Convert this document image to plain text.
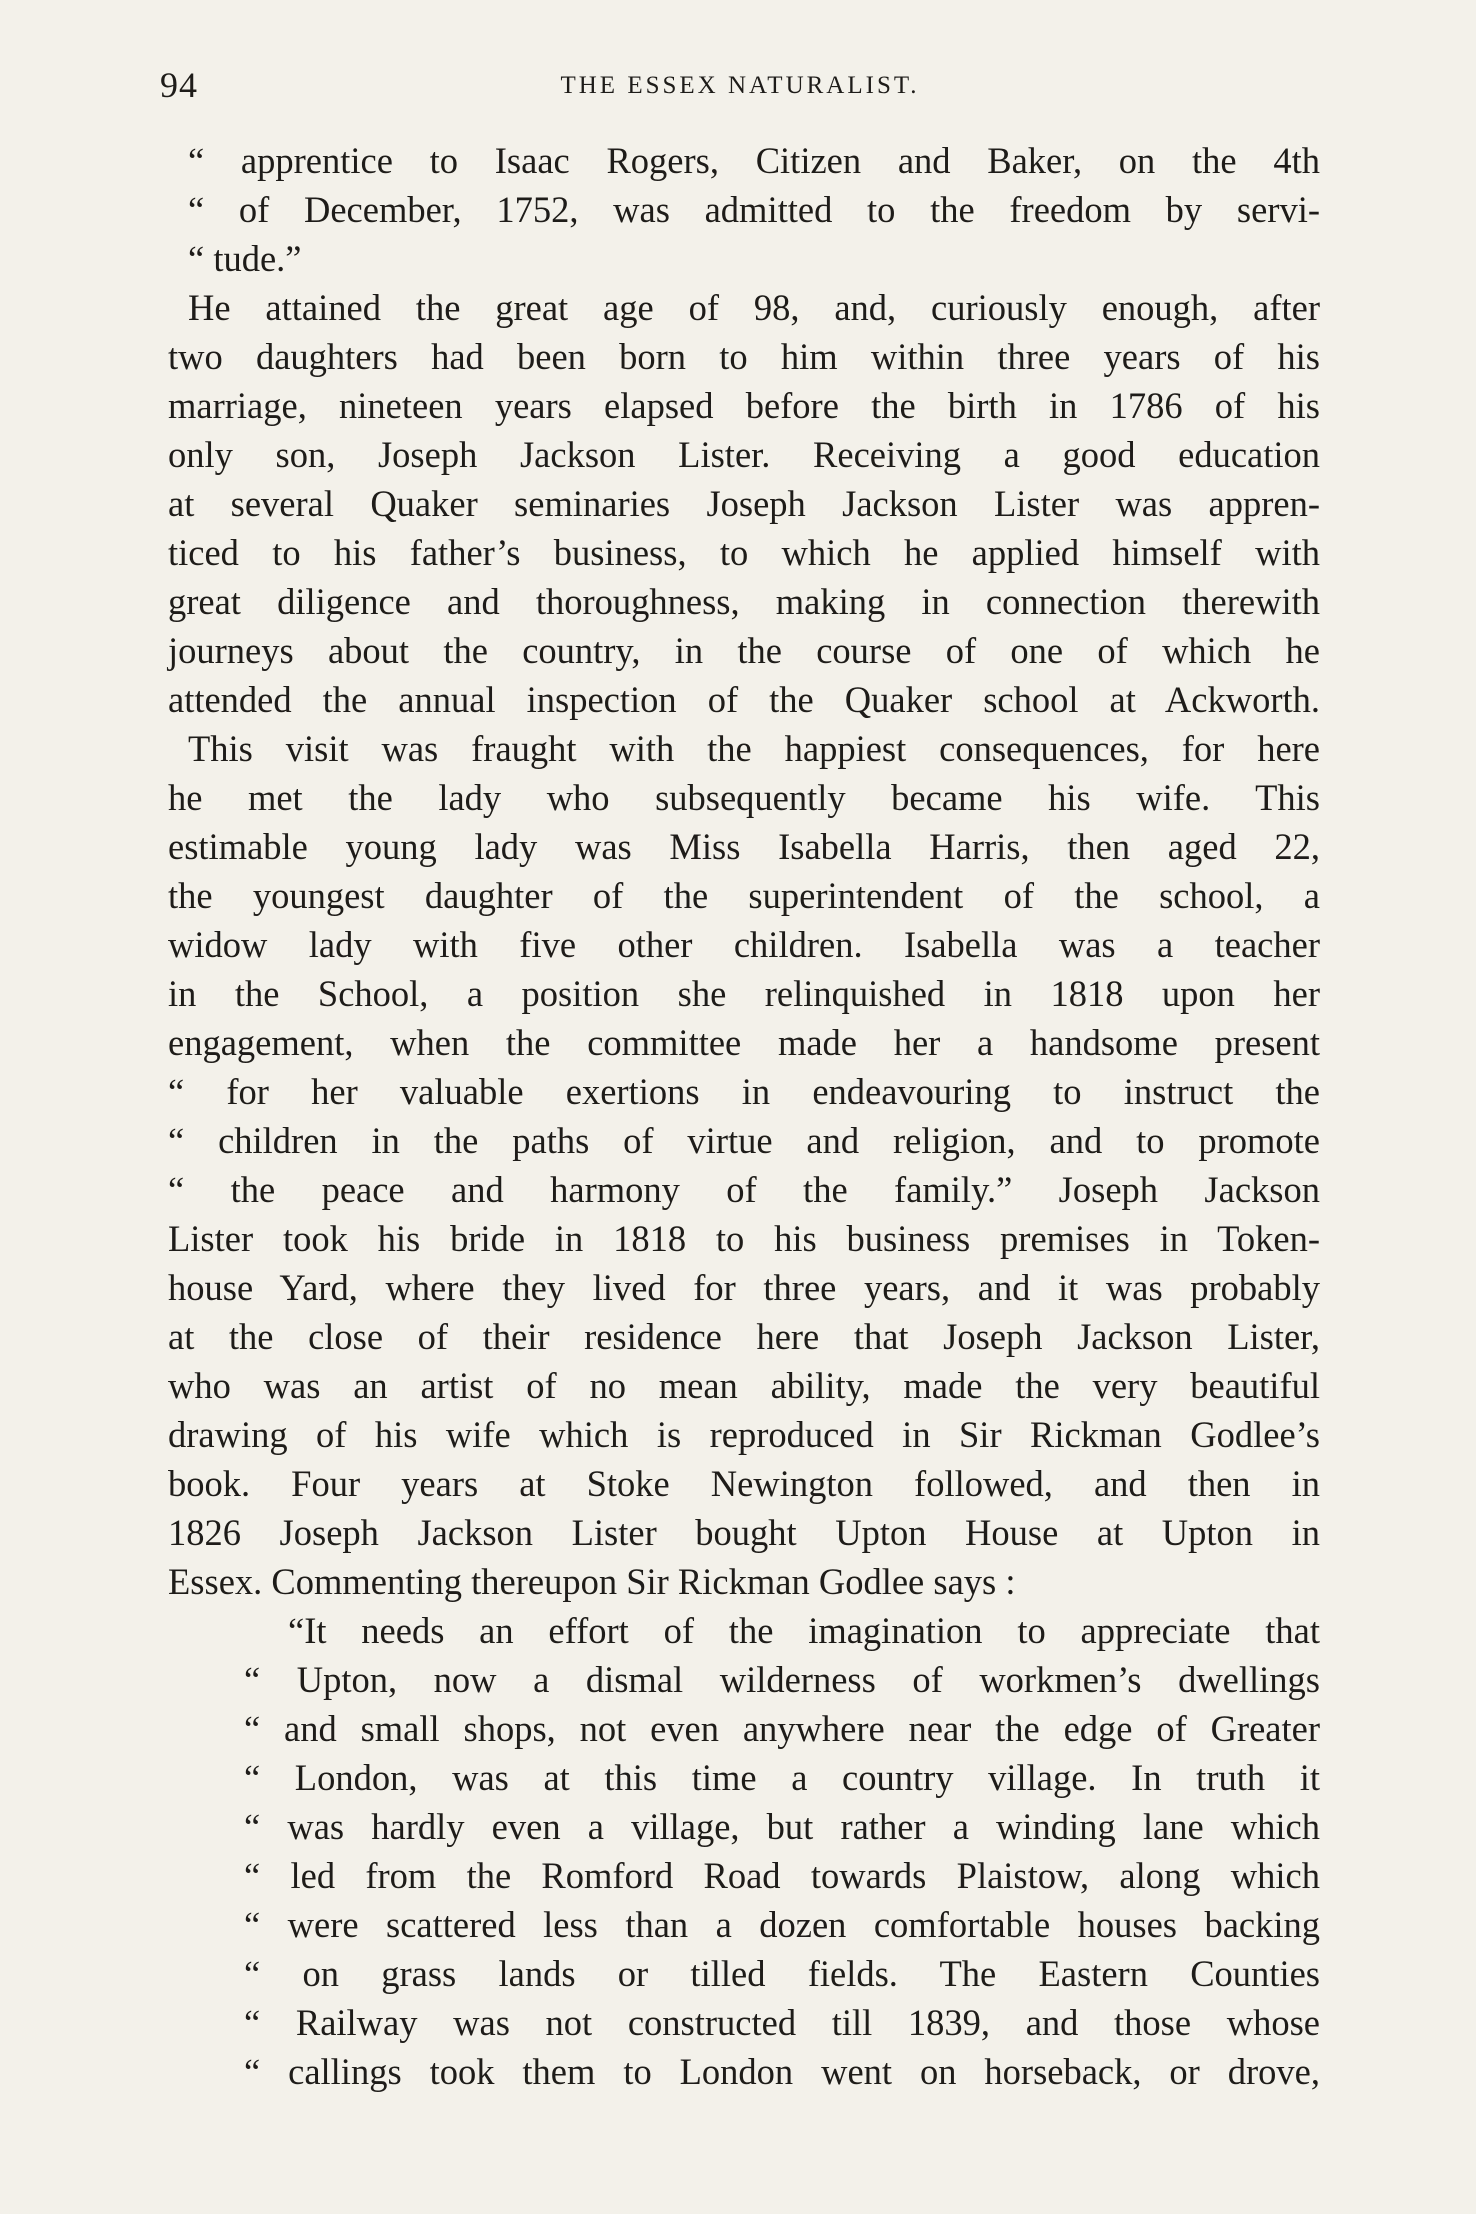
94	THE ESSEX NATURALIST.
“ apprentice to Isaac Rogers, Citizen and Baker, on the 4th
“ of December, 1752, was admitted to the freedom by servi-
“ tude.”
He attained the great age of 98, and, curiously enough, after
two daughters had been born to him within three years of his
marriage, nineteen years elapsed before the birth in 1786 of his
only son, Joseph Jackson Lister. Receiving a good education
at several Quaker seminaries Joseph Jackson Lister was appren-
ticed to his father’s business, to which he applied himself with
great diligence and thoroughness, making in connection therewith
journeys about the country, in the course of one of which he
attended the annual inspection of the Quaker school at Ackworth.
This visit was fraught with the happiest consequences, for here
he met the lady who subsequently became his wife. This
estimable young lady was Miss Isabella Harris, then aged 22,
the youngest daughter of the superintendent of the school, a
widow lady with five other children. Isabella was a teacher
in the School, a position she relinquished in 1818 upon her
engagement, when the committee made her a handsome present
“ for her valuable exertions in endeavouring to instruct the
“ children in the paths of virtue and religion, and to promote
“ the peace and harmony of the family.” Joseph Jackson
Lister took his bride in 1818 to his business premises in Token-
house Yard, where they lived for three years, and it was probably
at the close of their residence here that Joseph Jackson Lister,
who was an artist of no mean ability, made the very beautiful
drawing of his wife which is reproduced in Sir Rickman Godlee’s
book. Four years at Stoke Newington followed, and then in
1826 Joseph Jackson Lister bought Upton House at Upton in
Essex. Commenting thereupon Sir Rickman Godlee says :
“It needs an effort of the imagination to appreciate that
“ Upton, now a dismal wilderness of workmen’s dwellings
“ and small shops, not even anywhere near the edge of Greater
“ London, was at this time a country village. In truth it
“ was hardly even a village, but rather a winding lane which
“ led from the Romford Road towards Plaistow, along which
“ were scattered less than a dozen comfortable houses backing
“ on grass lands or tilled fields. The Eastern Counties
“ Railway was not constructed till 1839, and those whose
“ callings took them to London went on horseback, or drove,
